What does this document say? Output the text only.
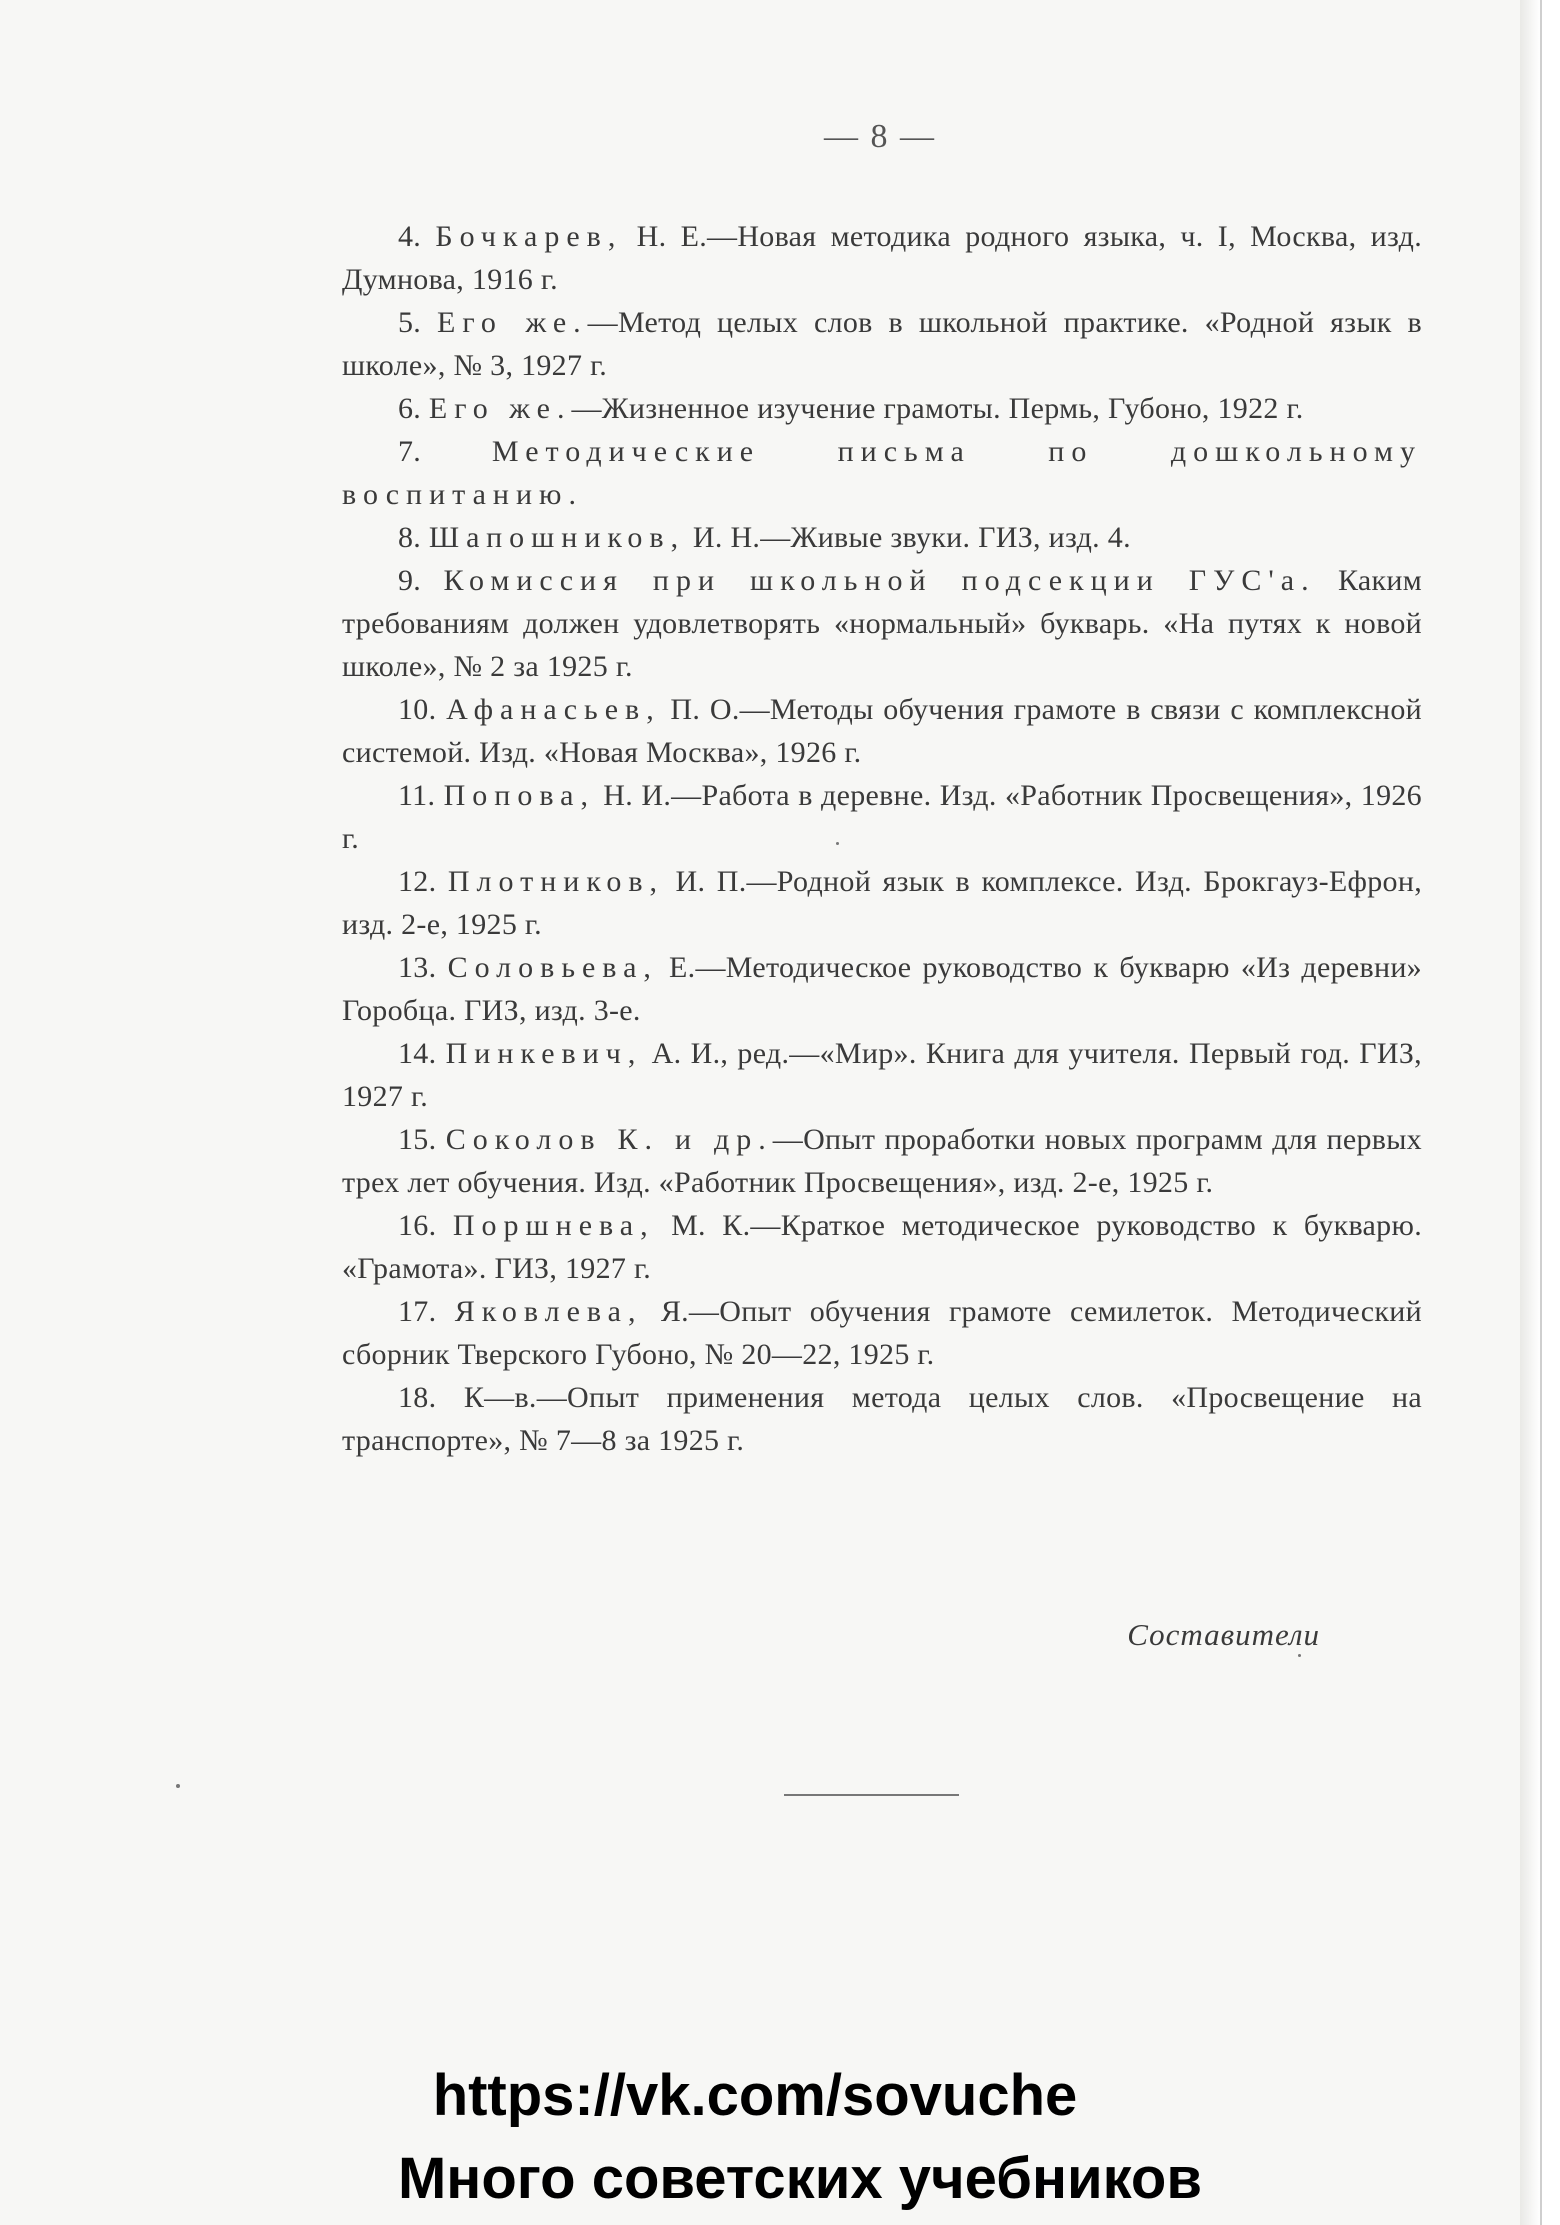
— 8 —
4. Бочкарев, Н. Е.—Новая методика родного языка, ч. I, Москва, изд. Думнова, 1916 г.
5. Его же.—Метод целых слов в школьной практике. «Родной язык в школе», № 3, 1927 г.
6. Его же.—Жизненное изучение грамоты. Пермь, Губоно, 1922 г.
7. Методические письма по дошкольному воспитанию.
8. Шапошников, И. Н.—Живые звуки. ГИЗ, изд. 4.
9. Комиссия при школьной подсекции ГУС'а. Каким требованиям должен удовлетворять «нормальный» букварь. «На путях к новой школе», № 2 за 1925 г.
10. Афанасьев, П. О.—Методы обучения грамоте в связи с комплексной системой. Изд. «Новая Москва», 1926 г.
11. Попова, Н. И.—Работа в деревне. Изд. «Работник Просвещения», 1926 г.
12. Плотников, И. П.—Родной язык в комплексе. Изд. Брокгауз-Ефрон, изд. 2-е, 1925 г.
13. Соловьева, Е.—Методическое руководство к букварю «Из деревни» Горобца. ГИЗ, изд. 3-е.
14. Пинкевич, А. И., ред.—«Мир». Книга для учителя. Первый год. ГИЗ, 1927 г.
15. Соколов К. и др.—Опыт проработки новых программ для первых трех лет обучения. Изд. «Работник Просвещения», изд. 2-е, 1925 г.
16. Поршнева, М. К.—Краткое методическое руководство к букварю. «Грамота». ГИЗ, 1927 г.
17. Яковлева, Я.—Опыт обучения грамоте семилеток. Методический сборник Тверского Губоно, № 20—22, 1925 г.
18. К—в.—Опыт применения метода целых слов. «Просвещение на транспорте», № 7—8 за 1925 г.
Составители
https://vk.com/sovuche
Много советских учебников
